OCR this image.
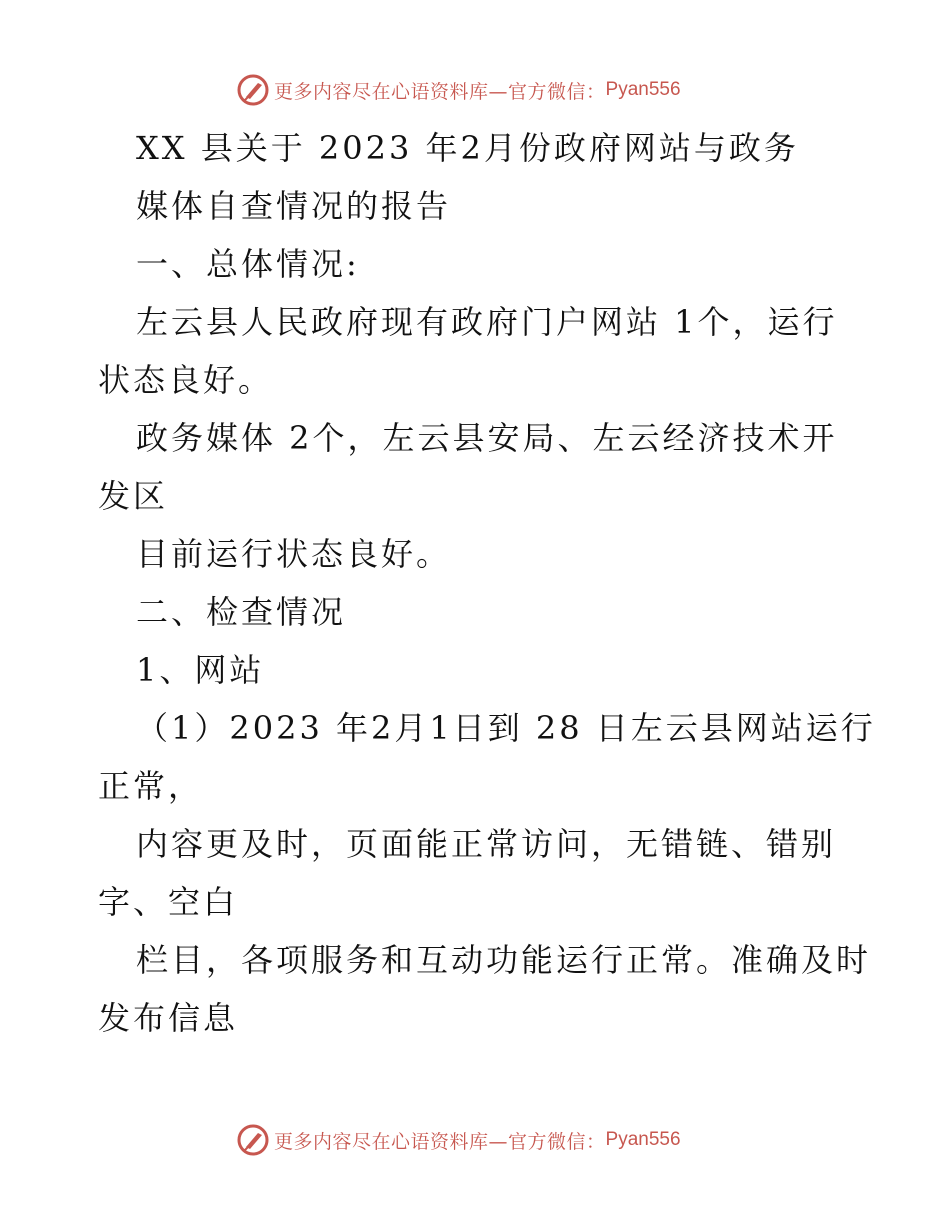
更多内容尽在心语资料库—官方微信： Pyan556
XX 县关于 2023 年2月份政府网站与政务
媒体自查情况的报告
一、总体情况:
左云县人民政府现有政府门户网站 1个，运行
状态良好。
政务媒体 2个，左云县安局、左云经济技术开
发区
目前运行状态良好。
二、检查情况
1、网站
（1）2023 年2月1日到 28 日左云县网站运行
正常，
内容更及时，页面能正常访问，无错链、错别
字、空白
栏目，各项服务和互动功能运行正常。准确及时
发布信息
更多内容尽在心语资料库—官方微信： Pyan556
